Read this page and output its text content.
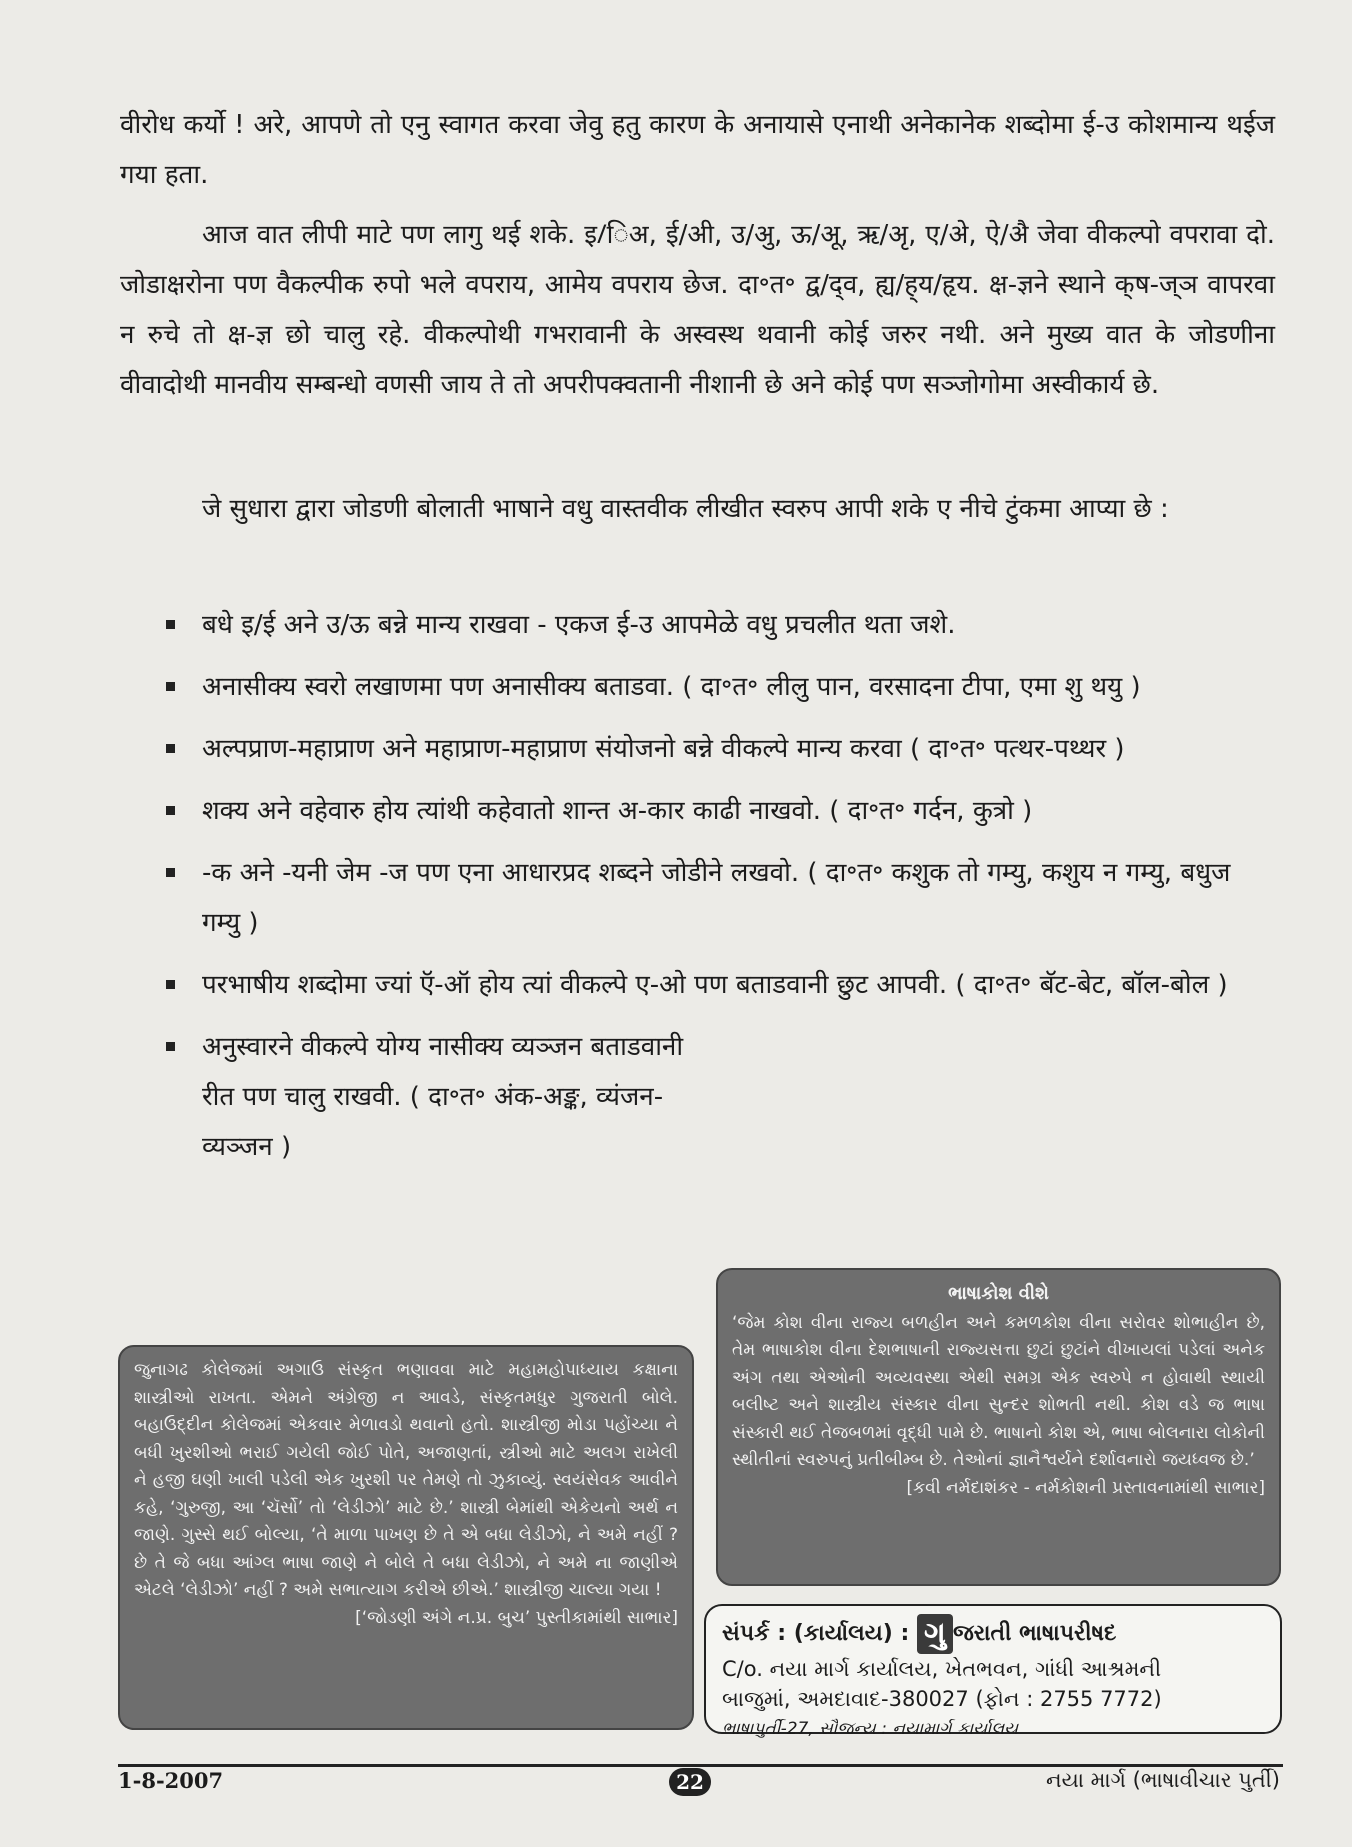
वीरोध कर्यो ! अरे, आपणे तो एनु स्वागत करवा जेवु हतु कारण के अनायासे एनाथी अनेकानेक शब्दोमा ई-उ कोशमान्य थईज गया हता.

आज वात लीपी माटे पण लागु थई शके. इ/िअ, ई/अी, उ/अु, ऊ/अू, ऋ/अृ, ए/अे, ऐ/अै जेवा वीकल्पो वपरावा दो. जोडाक्षरोना पण वैकल्पीक रुपो भले वपराय, आमेय वपराय छेज. दा॰त॰ द्व/द्‌व, ह्य/ह्‌य/हृय. क्ष-ज्ञने स्थाने क्‌ष-ज्‌ञ वापरवा न रुचे तो क्ष-ज्ञ छो चालु रहे. वीकल्पोथी गभरावानी के अस्वस्थ थवानी कोई जरुर नथी. अने मुख्य वात के जोडणीना वीवादोथी मानवीय सम्बन्धो वणसी जाय ते तो अपरीपक्वतानी नीशानी छे अने कोई पण सञ्जोगोमा अस्वीकार्य छे.

जे सुधारा द्वारा जोडणी बोलाती भाषाने वधु वास्तवीक लीखीत स्वरुप आपी शके ए नीचे टुंकमा आप्या छे :

बधे इ/ई अने उ/ऊ बन्ने मान्य राखवा - एकज ई-उ आपमेळे वधु प्रचलीत थता जशे.
अनासीक्य स्वरो लखाणमा पण अनासीक्य बताडवा. ( दा॰त॰ लीलु पान, वरसादना टीपा, एमा शु थयु )
अल्पप्राण-महाप्राण अने महाप्राण-महाप्राण संयोजनो बन्ने वीकल्पे मान्य करवा ( दा॰त॰ पत्थर-पथ्थर )
शक्य अने वहेवारु होय त्यांथी कहेवातो शान्त अ-कार काढी नाखवो. ( दा॰त॰ गर्दन, कुत्रो )
-क अने -यनी जेम -ज पण एना आधारप्रद शब्दने जोडीने लखवो. ( दा॰त॰ कशुक तो गम्यु, कशुय न गम्यु, बधुज गम्यु )
परभाषीय शब्दोमा ज्यां ऍ-ऑ होय त्यां वीकल्पे ए-ओ पण बताडवानी छुट आपवी. ( दा॰त॰ बॅट-बेट, बॉल-बोल )
अनुस्वारने वीकल्पे योग्य नासीक्य व्यञ्जन बताडवानी रीत पण चालु राखवी. ( दा॰त॰ अंक-अङ्क, व्यंजन-व्यञ्जन )
ભાષાકોશ વીશે
‘જેમ કોશ વીના રાજ્ય બળહીન અને કમળકોશ વીના સરોવર શોભાહીન છે, તેમ ભાષાકોશ વીના દેશભાષાની રાજ્યસત્તા છુટાં છુટાંને વીખાયલાં પડેલાં અનેક અંગ તથા એઓની અવ્યવસ્થા એથી સમગ્ર એક સ્વરુપે ન હોવાથી સ્થાયી બલીષ્ટ અને શાસ્ત્રીય સંસ્કાર વીના સુન્દર શોભતી નથી. કોશ વડે જ ભાષા સંસ્કારી થઈ તેજબળમાં વૃદ્ધી પામે છે. ભાષાનો કોશ એ, ભાષા બોલનારા લોકોની સ્થીતીનાં સ્વરુપનું પ્રતીબીમ્બ છે. તેઓનાં જ્ઞાનૈશ્વર્યને દર્શાવનારો જયધ્વજ છે.’
[કવી નર્મદાશંકર - નર્મકોશની પ્રસ્તાવનામાંથી સાભાર]
જુનાગઢ કોલેજમાં અગાઉ સંસ્કૃત ભણાવવા માટે મહામહોપાધ્યાય કક્ષાના શાસ્ત્રીઓ રાખતા. એમને અંગ્રેજી ન આવડે, સંસ્કૃતમધુર ગુજરાતી બોલે. બહાઉદ્દીન કોલેજમાં એકવાર મેળાવડો થવાનો હતો. શાસ્ત્રીજી મોડા પહોંચ્યા ને બધી ખુરશીઓ ભરાઈ ગયેલી જોઈ પોતે, અજાણતાં, સ્ત્રીઓ માટે અલગ રાખેલી ને હજી ઘણી ખાલી પડેલી એક ખુરશી પર તેમણે તો ઝુકાવ્યું. સ્વયંસેવક આવીને કહે, ‘ગુરુજી, આ ‘ચૅર્સો’ તો ‘લેડીઝો’ માટે છે.’ શાસ્ત્રી બેમાંથી એકેયનો અર્થ ન જાણે. ગુસ્સે થઈ બોલ્યા, ‘તે માળા પાખણ છે તે એ બધા લેડીઝો, ને અમે નહીં ? છે તે જે બધા આંગ્લ ભાષા જાણે ને બોલે તે બધા લેડીઝો, ને અમે ના જાણીએ એટલે ‘લેડીઝો’ નહીં ? અમે સભાત્યાગ કરીએ છીએ.’ શાસ્ત્રીજી ચાલ્યા ગયા !
[‘જોડણી અંગે ન.પ્ર. બુચ’ પુસ્તીકામાંથી સાભાર]
સંપર્ક : (કાર્યાલય) : ગુ જરાતી ભાષાપરીષદ
C/o. નયા માર્ગ કાર્યાલય, ખેતભવન, ગાંધી આશ્રમની
બાજુમાં, અમદાવાદ-380027 (ફોન : 2755 7772)
ભાષાપુર્તી-27, સૌજન્ય : નયામાર્ગ કાર્યાલય
1-8-2007	22	નયા માર્ગ (ભાષાવીચાર પુર્તી)
